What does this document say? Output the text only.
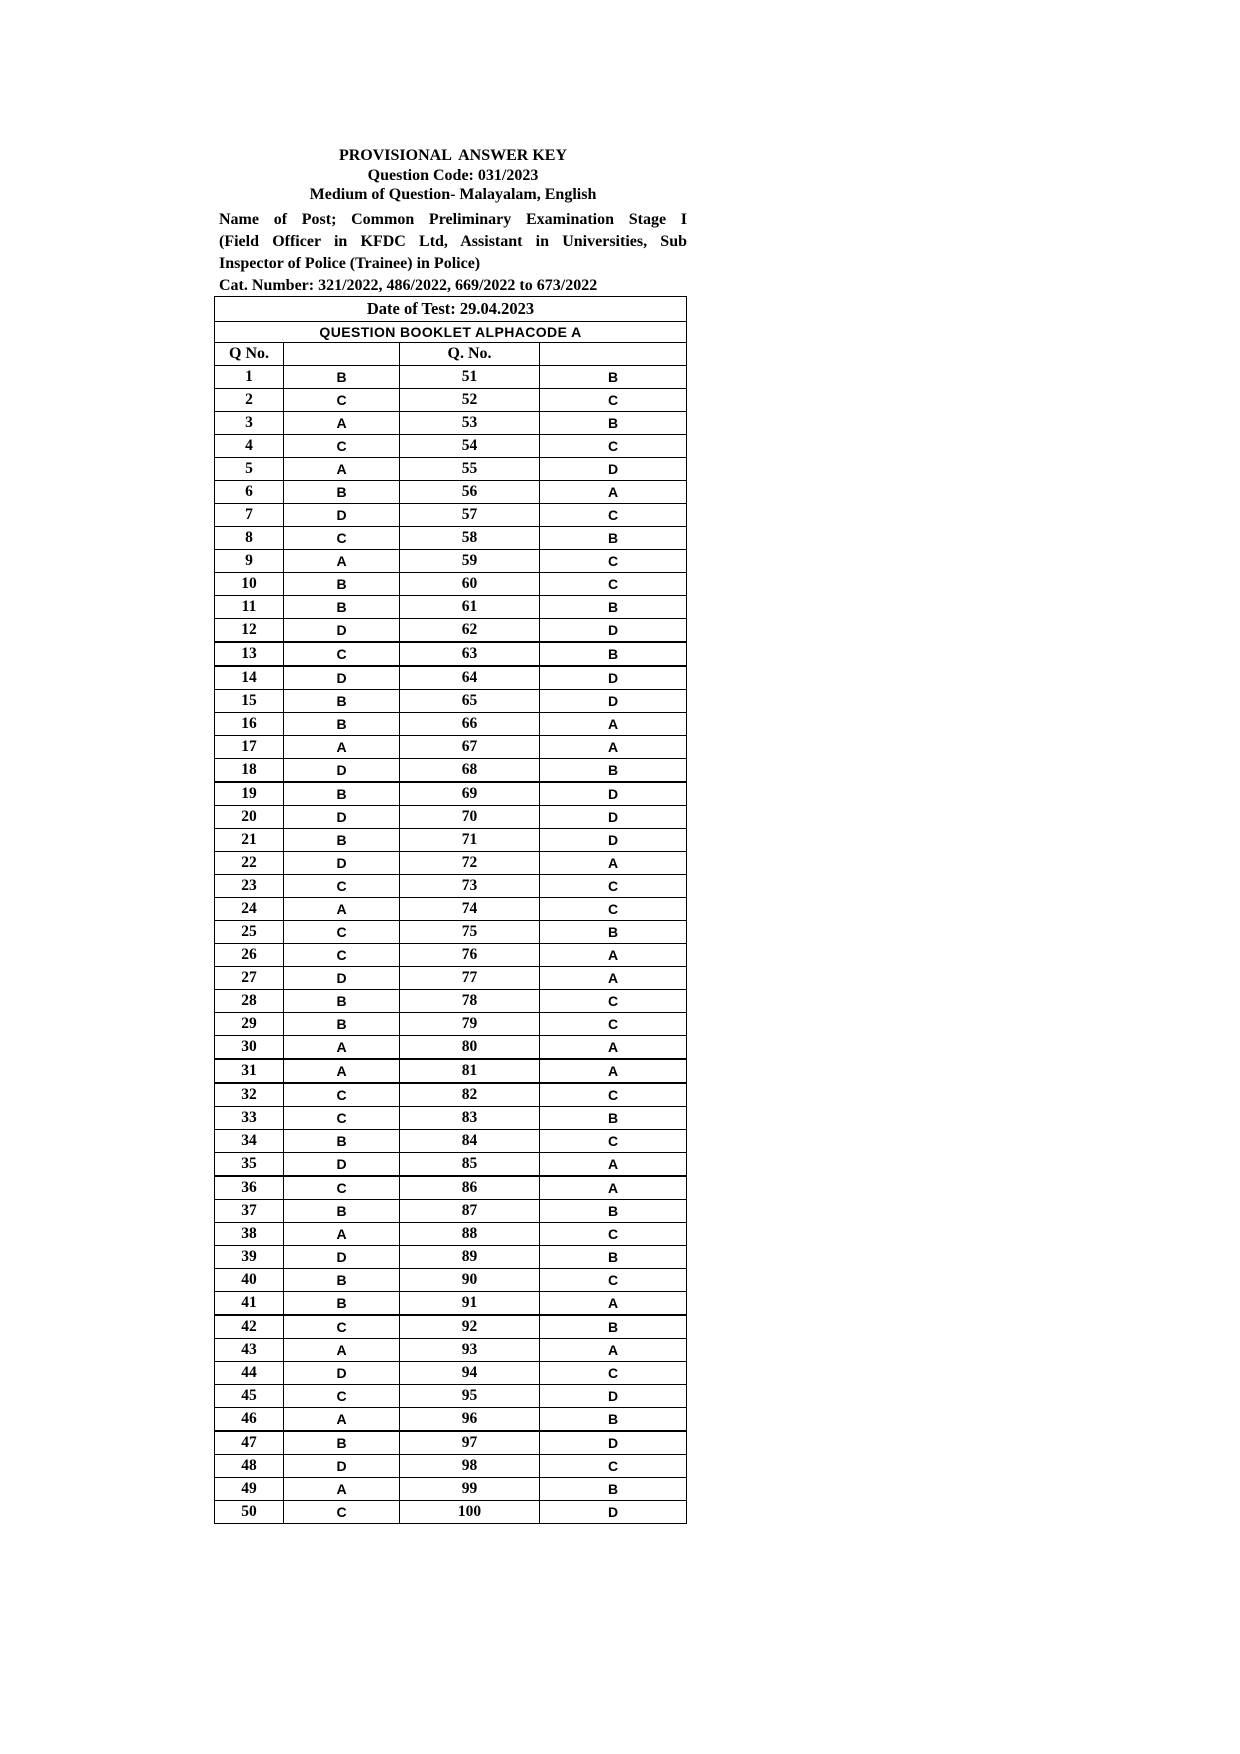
PROVISIONAL  ANSWER KEY
Question Code: 031/2023
Medium of Question- Malayalam, English
Name of Post; Common Preliminary Examination Stage I
(Field Officer in KFDC Ltd, Assistant in Universities, Sub
Inspector of Police (Trainee) in Police)
Cat. Number: 321/2022, 486/2022, 669/2022 to 673/2022
Date of Test: 29.04.2023			
QUESTION BOOKLET ALPHACODE A			
Q No.		Q. No.	
1	B	51	B
2	C	52	C
3	A	53	B
4	C	54	C
5	A	55	D
6	B	56	A
7	D	57	C
8	C	58	B
9	A	59	C
10	B	60	C
11	B	61	B
12	D	62	D
13	C	63	B
14	D	64	D
15	B	65	D
16	B	66	A
17	A	67	A
18	D	68	B
19	B	69	D
20	D	70	D
21	B	71	D
22	D	72	A
23	C	73	C
24	A	74	C
25	C	75	B
26	C	76	A
27	D	77	A
28	B	78	C
29	B	79	C
30	A	80	A
31	A	81	A
32	C	82	C
33	C	83	B
34	B	84	C
35	D	85	A
36	C	86	A
37	B	87	B
38	A	88	C
39	D	89	B
40	B	90	C
41	B	91	A
42	C	92	B
43	A	93	A
44	D	94	C
45	C	95	D
46	A	96	B
47	B	97	D
48	D	98	C
49	A	99	B
50	C	100	D
